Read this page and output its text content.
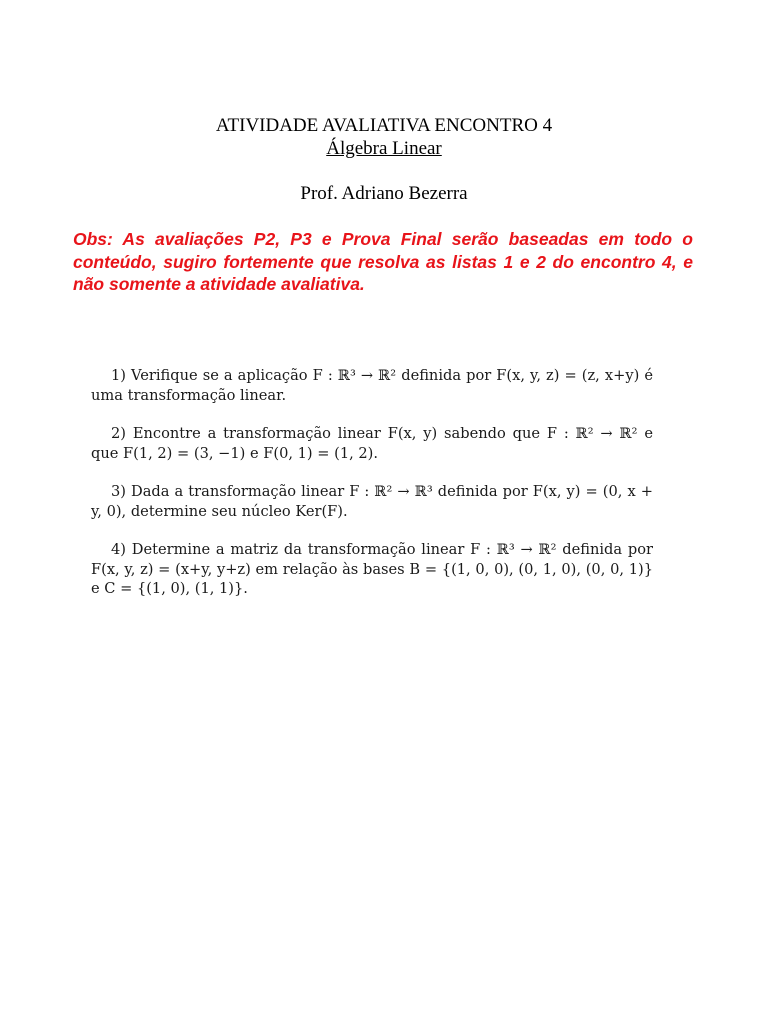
ATIVIDADE AVALIATIVA ENCONTRO 4
Álgebra Linear
Prof. Adriano Bezerra
Obs: As avaliações P2, P3 e Prova Final serão baseadas em todo o conteúdo, sugiro fortemente que resolva as listas 1 e 2 do encontro 4, e não somente a atividade avaliativa.

1) Verifique se a aplicação F : ℝ³ → ℝ² definida por F(x, y, z) = (z, x+y) é uma transformação linear.

2) Encontre a transformação linear F(x, y) sabendo que F : ℝ² → ℝ² e que F(1, 2) = (3, −1) e F(0, 1) = (1, 2).

3) Dada a transformação linear F : ℝ² → ℝ³ definida por F(x, y) = (0, x + y, 0), determine seu núcleo Ker(F).

4) Determine a matriz da transformação linear F : ℝ³ → ℝ² definida por F(x, y, z) = (x+y, y+z) em relação às bases B = {(1, 0, 0), (0, 1, 0), (0, 0, 1)} e C = {(1, 0), (1, 1)}.
